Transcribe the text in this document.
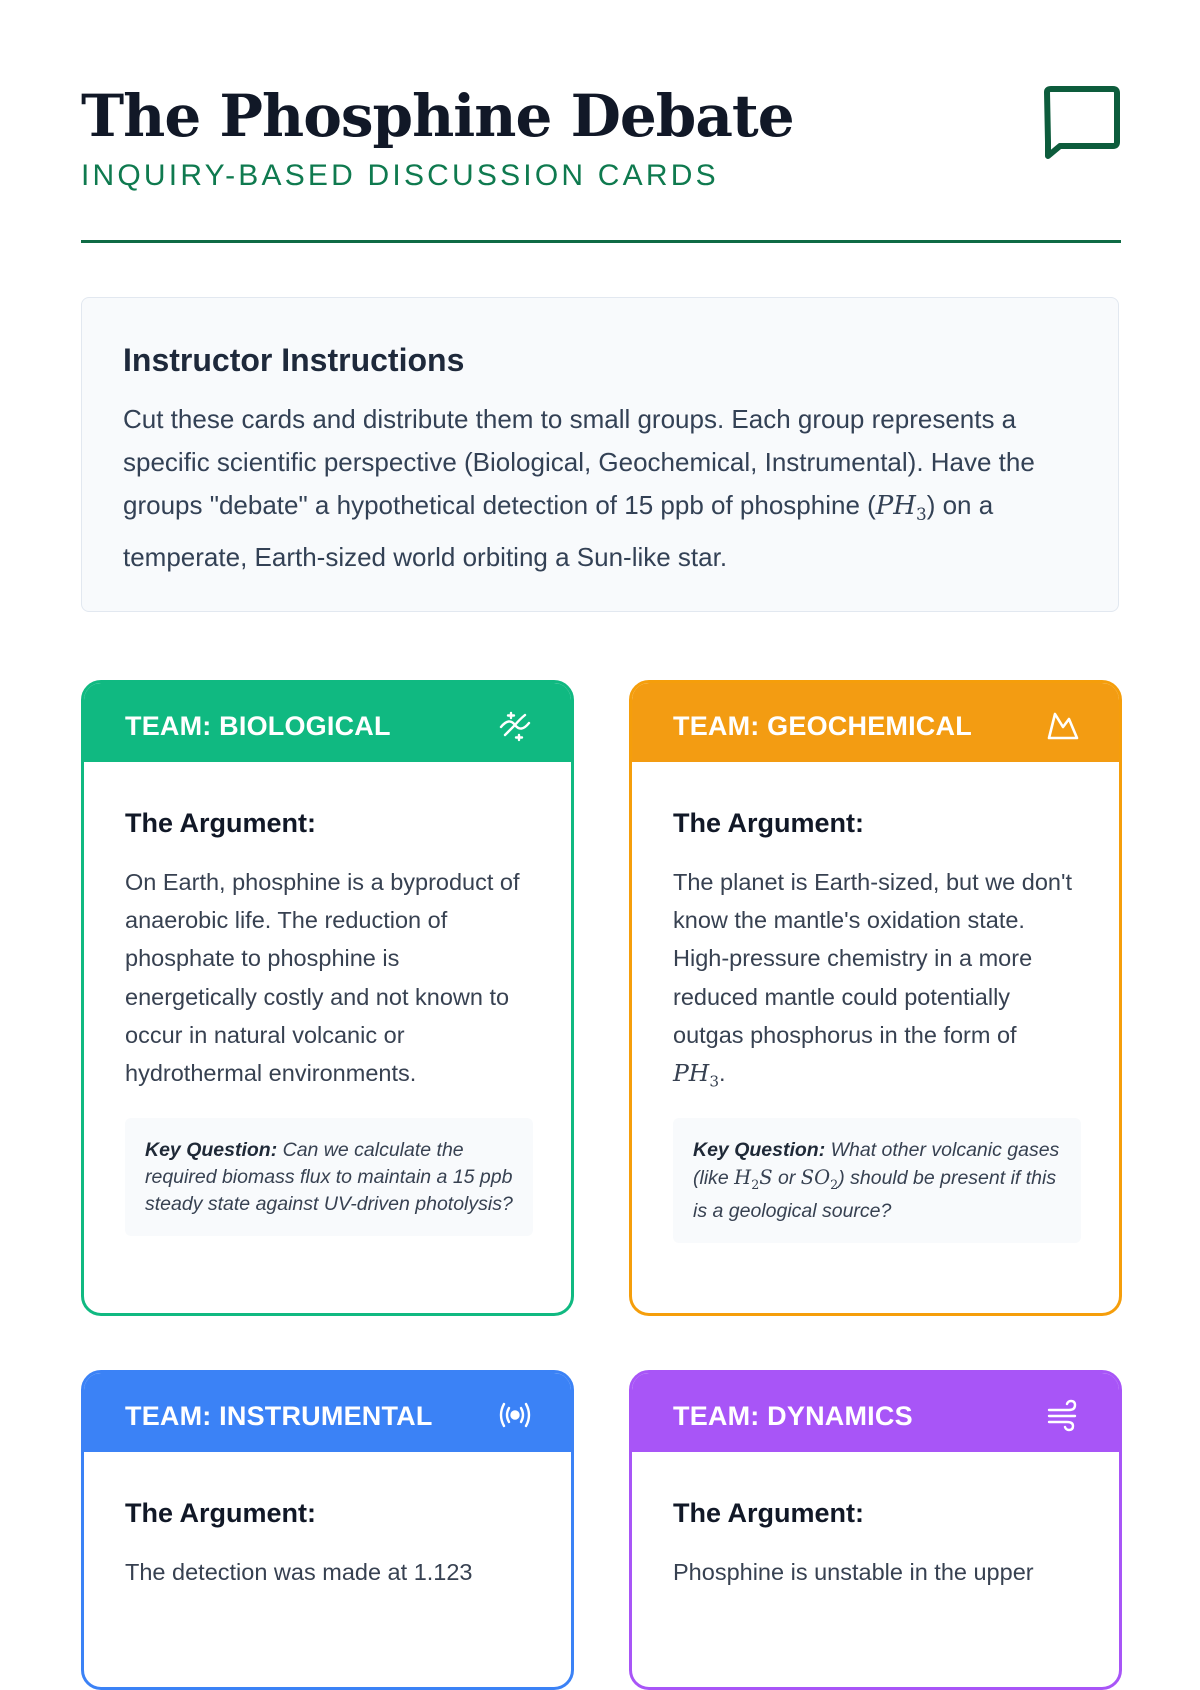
The Phosphine Debate
INQUIRY-BASED DISCUSSION CARDS
Instructor Instructions

Cut these cards and distribute them to small groups. Each group represents a specific scientific perspective (Biological, Geochemical, Instrumental). Have the groups "debate" a hypothetical detection of 15 ppb of phosphine $(PH_3)$ on a temperate, Earth-sized world orbiting a Sun-like star.

TEAM: BIOLOGICAL
The Argument:

On Earth, phosphine is a byproduct of anaerobic life. The reduction of phosphate to phosphine is energetically costly and not known to occur in natural volcanic or hydrothermal environments.

Key Question: Can we calculate the required biomass flux to maintain a 15 ppb steady state against UV-driven photolysis?
TEAM: GEOCHEMICAL
The Argument:

The planet is Earth-sized, but we don't know the mantle's oxidation state. High-pressure chemistry in a more reduced mantle could potentially outgas phosphorus in the form of $PH_3$.

Key Question: What other volcanic gases (like $H_2S$ or $SO_2$) should be present if this is a geological source?
TEAM: INSTRUMENTAL
The Argument:

The detection was made at 1.123

TEAM: DYNAMICS
The Argument:

Phosphine is unstable in the upper
